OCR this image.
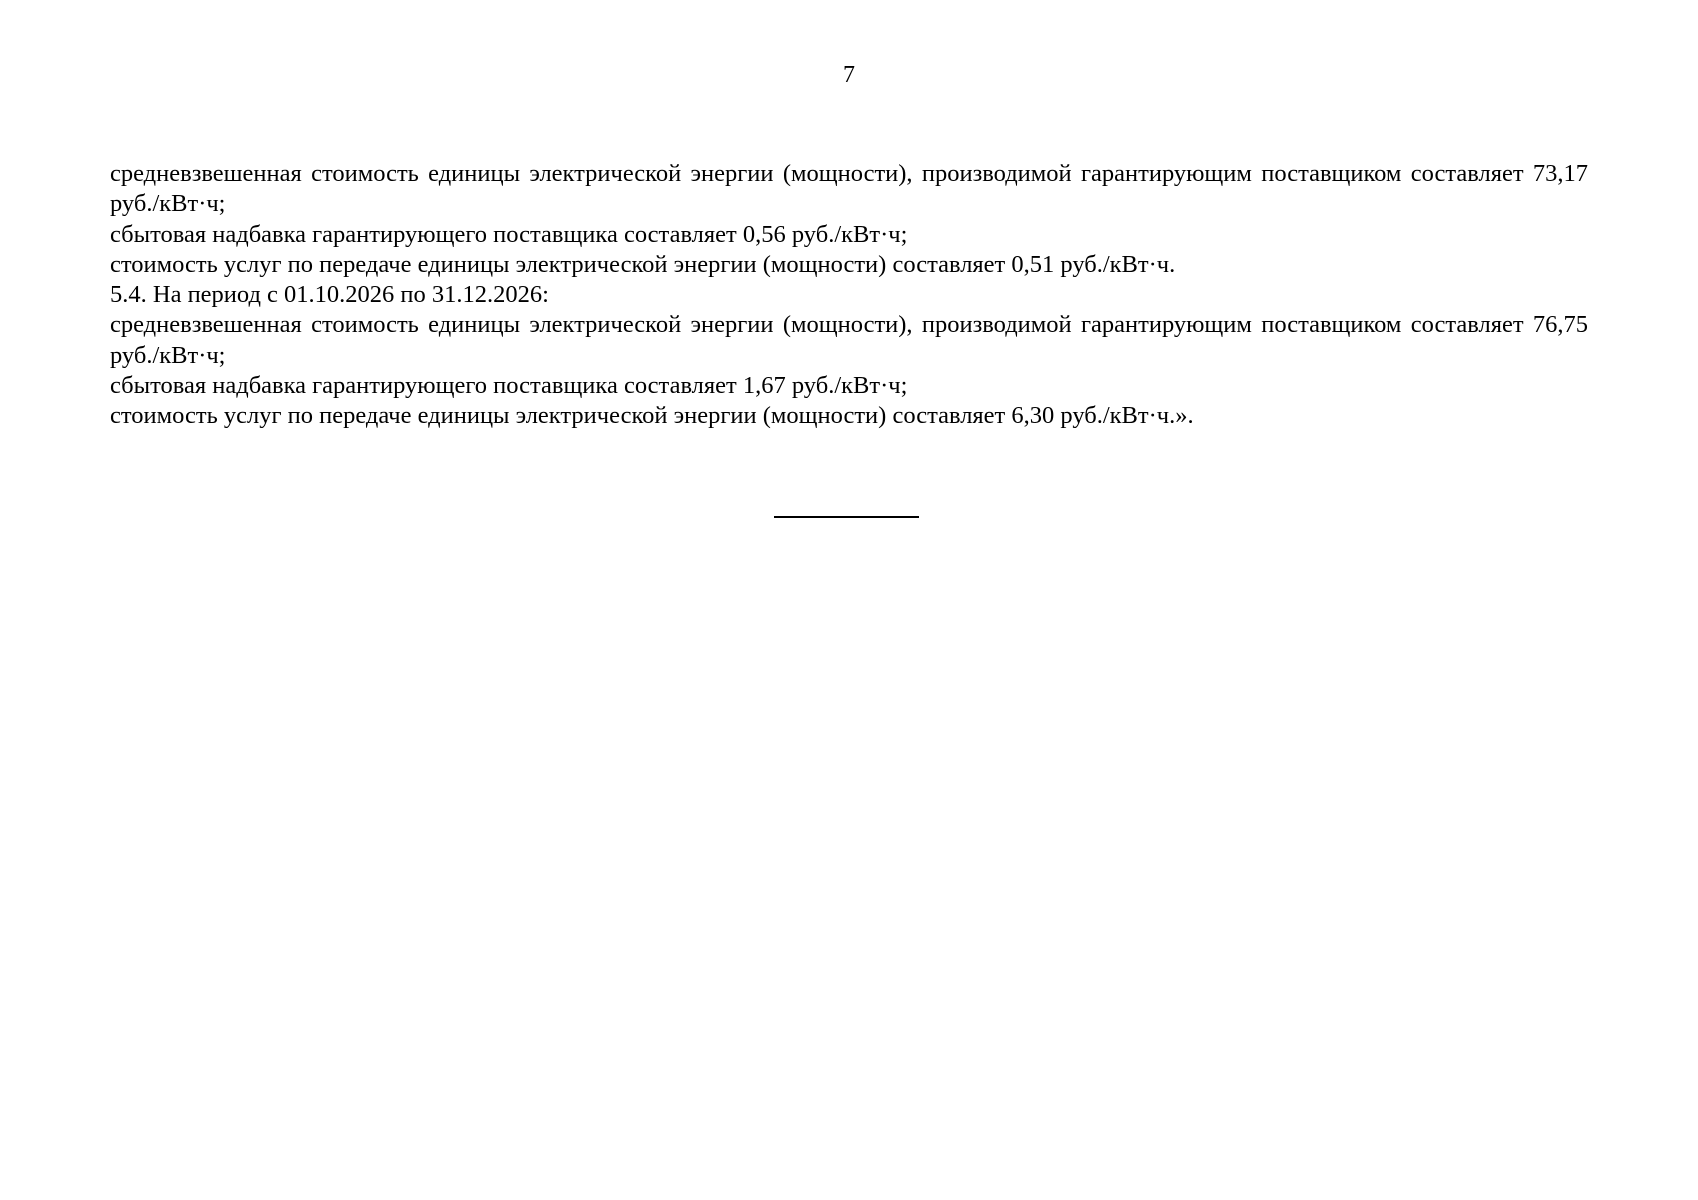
7

средневзвешенная стоимость единицы электрической энергии (мощности), производимой гарантирующим поставщиком составляет 73,17 руб./кВт·ч;

сбытовая надбавка гарантирующего поставщика составляет 0,56 руб./кВт·ч;

стоимость услуг по передаче единицы электрической энергии (мощности) составляет 0,51 руб./кВт·ч.

5.4. На период с 01.10.2026 по 31.12.2026:

средневзвешенная стоимость единицы электрической энергии (мощности), производимой гарантирующим поставщиком составляет 76,75 руб./кВт·ч;

сбытовая надбавка гарантирующего поставщика составляет 1,67 руб./кВт·ч;

стоимость услуг по передаче единицы электрической энергии (мощности) составляет 6,30 руб./кВт·ч.».
